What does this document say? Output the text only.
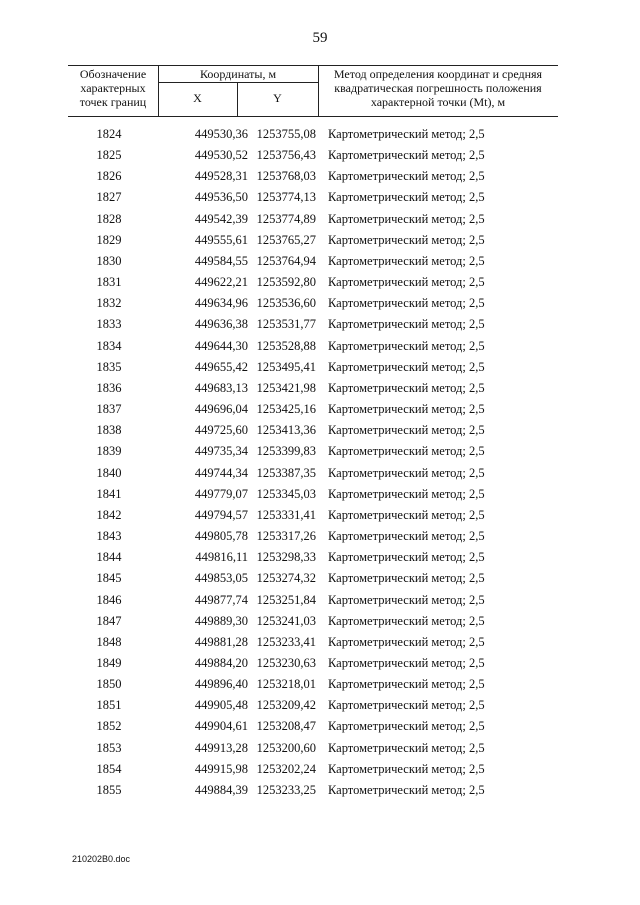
59
Обозначение
характерных
точек границ
Координаты, м
X	Y
Метод определения координат и средняя
квадратическая погрешность положения
характерной точки (Mt), м
1824	449530,36 1253755,08 Картометрический метод; 2,5
1825	449530,52 1253756,43 Картометрический метод; 2,5
1826	449528,31 1253768,03 Картометрический метод; 2,5
1827	449536,50 1253774,13 Картометрический метод; 2,5
1828	449542,39 1253774,89 Картометрический метод; 2,5
1829	449555,61 1253765,27 Картометрический метод; 2,5
1830	449584,55 1253764,94 Картометрический метод; 2,5
1831	449622,21 1253592,80 Картометрический метод; 2,5
1832	449634,96 1253536,60 Картометрический метод; 2,5
1833	449636,38 1253531,77 Картометрический метод; 2,5
1834	449644,30 1253528,88 Картометрический метод; 2,5
1835	449655,42 1253495,41 Картометрический метод; 2,5
1836	449683,13 1253421,98 Картометрический метод; 2,5
1837	449696,04 1253425,16 Картометрический метод; 2,5
1838	449725,60 1253413,36 Картометрический метод; 2,5
1839	449735,34 1253399,83 Картометрический метод; 2,5
1840	449744,34 1253387,35 Картометрический метод; 2,5
1841	449779,07 1253345,03 Картометрический метод; 2,5
1842	449794,57 1253331,41 Картометрический метод; 2,5
1843	449805,78 1253317,26 Картометрический метод; 2,5
1844	449816,11 1253298,33 Картометрический метод; 2,5
1845	449853,05 1253274,32 Картометрический метод; 2,5
1846	449877,74 1253251,84 Картометрический метод; 2,5
1847	449889,30 1253241,03 Картометрический метод; 2,5
1848	449881,28 1253233,41 Картометрический метод; 2,5
1849	449884,20 1253230,63 Картометрический метод; 2,5
1850	449896,40 1253218,01 Картометрический метод; 2,5
1851	449905,48 1253209,42 Картометрический метод; 2,5
1852	449904,61 1253208,47 Картометрический метод; 2,5
1853	449913,28 1253200,60 Картометрический метод; 2,5
1854	449915,98 1253202,24 Картометрический метод; 2,5
1855	449884,39 1253233,25 Картометрический метод; 2,5
210202B0.doc
